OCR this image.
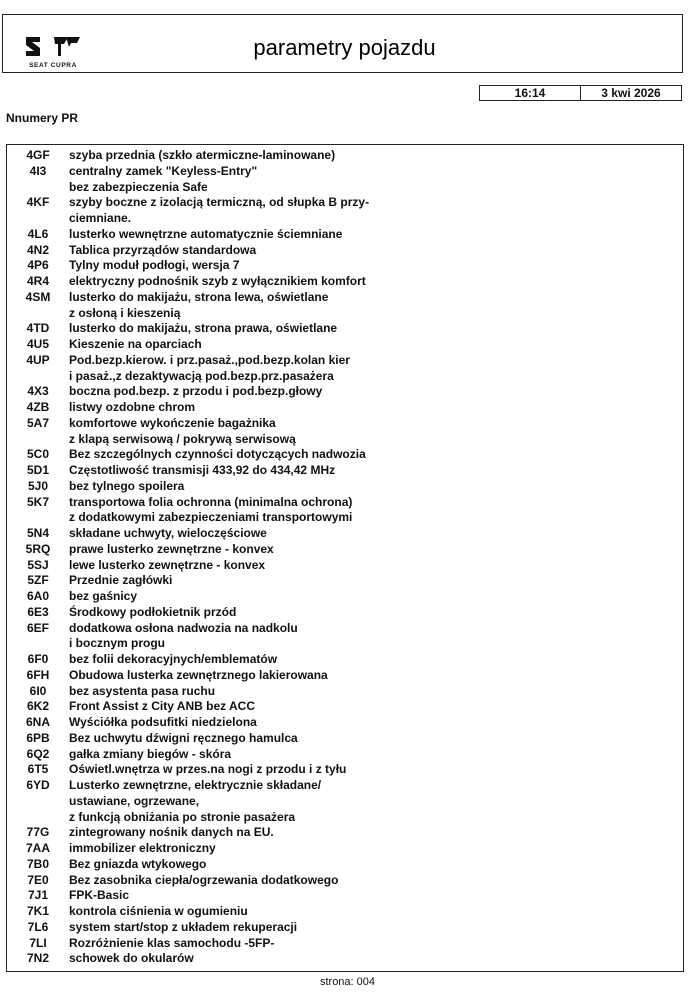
SEAT CUPRA
parametry pojazdu
16:14	3 kwi 2026
Nnumery PR
4GF	szyba przednia (szkło atermiczne-laminowane)
4I3	centralny zamek "Keyless-Entry"
bez zabezpieczenia Safe
4KF	szyby boczne z izolacją termiczną, od słupka B przy-
ciemniane.
4L6	lusterko wewnętrzne automatycznie ściemniane
4N2	Tablica przyrządów standardowa
4P6	Tylny moduł podłogi, wersja 7
4R4	elektryczny podnośnik szyb z wyłącznikiem komfort
4SM	lusterko do makijażu, strona lewa, oświetlane
z osłoną i kieszenią
4TD	lusterko do makijażu, strona prawa, oświetlane
4U5	Kieszenie na oparciach
4UP	Pod.bezp.kierow. i prz.pasaż.,pod.bezp.kolan kier
i pasaż.,z dezaktywacją pod.bezp.prz.pasażera
4X3	boczna pod.bezp. z przodu i pod.bezp.głowy
4ZB	listwy ozdobne chrom
5A7	komfortowe wykończenie bagażnika
z klapą serwisową / pokrywą serwisową
5C0	Bez szczególnych czynności dotyczących nadwozia
5D1	Częstotliwość transmisji 433,92 do 434,42 MHz
5J0	bez tylnego spoilera
5K7	transportowa folia ochronna (minimalna ochrona)
z dodatkowymi zabezpieczeniami transportowymi
5N4	składane uchwyty, wieloczęściowe
5RQ	prawe lusterko zewnętrzne - konvex
5SJ	lewe lusterko zewnętrzne - konvex
5ZF	Przednie zagłówki
6A0	bez gaśnicy
6E3	Środkowy podłokietnik przód
6EF	dodatkowa osłona nadwozia na nadkolu
i bocznym progu
6F0	bez folii dekoracyjnych/emblematów
6FH	Obudowa lusterka zewnętrznego lakierowana
6I0	bez asystenta pasa ruchu
6K2	Front Assist z City ANB bez ACC
6NA	Wyściółka podsufitki niedzielona
6PB	Bez uchwytu dźwigni ręcznego hamulca
6Q2	gałka zmiany biegów - skóra
6T5	Oświetl.wnętrza w przes.na nogi z przodu i z tyłu
6YD	Lusterko zewnętrzne, elektrycznie składane/
ustawiane, ogrzewane,
z funkcją obniżania po stronie pasażera
77G	zintegrowany nośnik danych na EU.
7AA	immobilizer elektroniczny
7B0	Bez gniazda wtykowego
7E0	Bez zasobnika ciepła/ogrzewania dodatkowego
7J1	FPK-Basic
7K1	kontrola ciśnienia w ogumieniu
7L6	system start/stop z układem rekuperacji
7LI	Rozróżnienie klas samochodu -5FP-
7N2	schowek do okularów
strona: 004
